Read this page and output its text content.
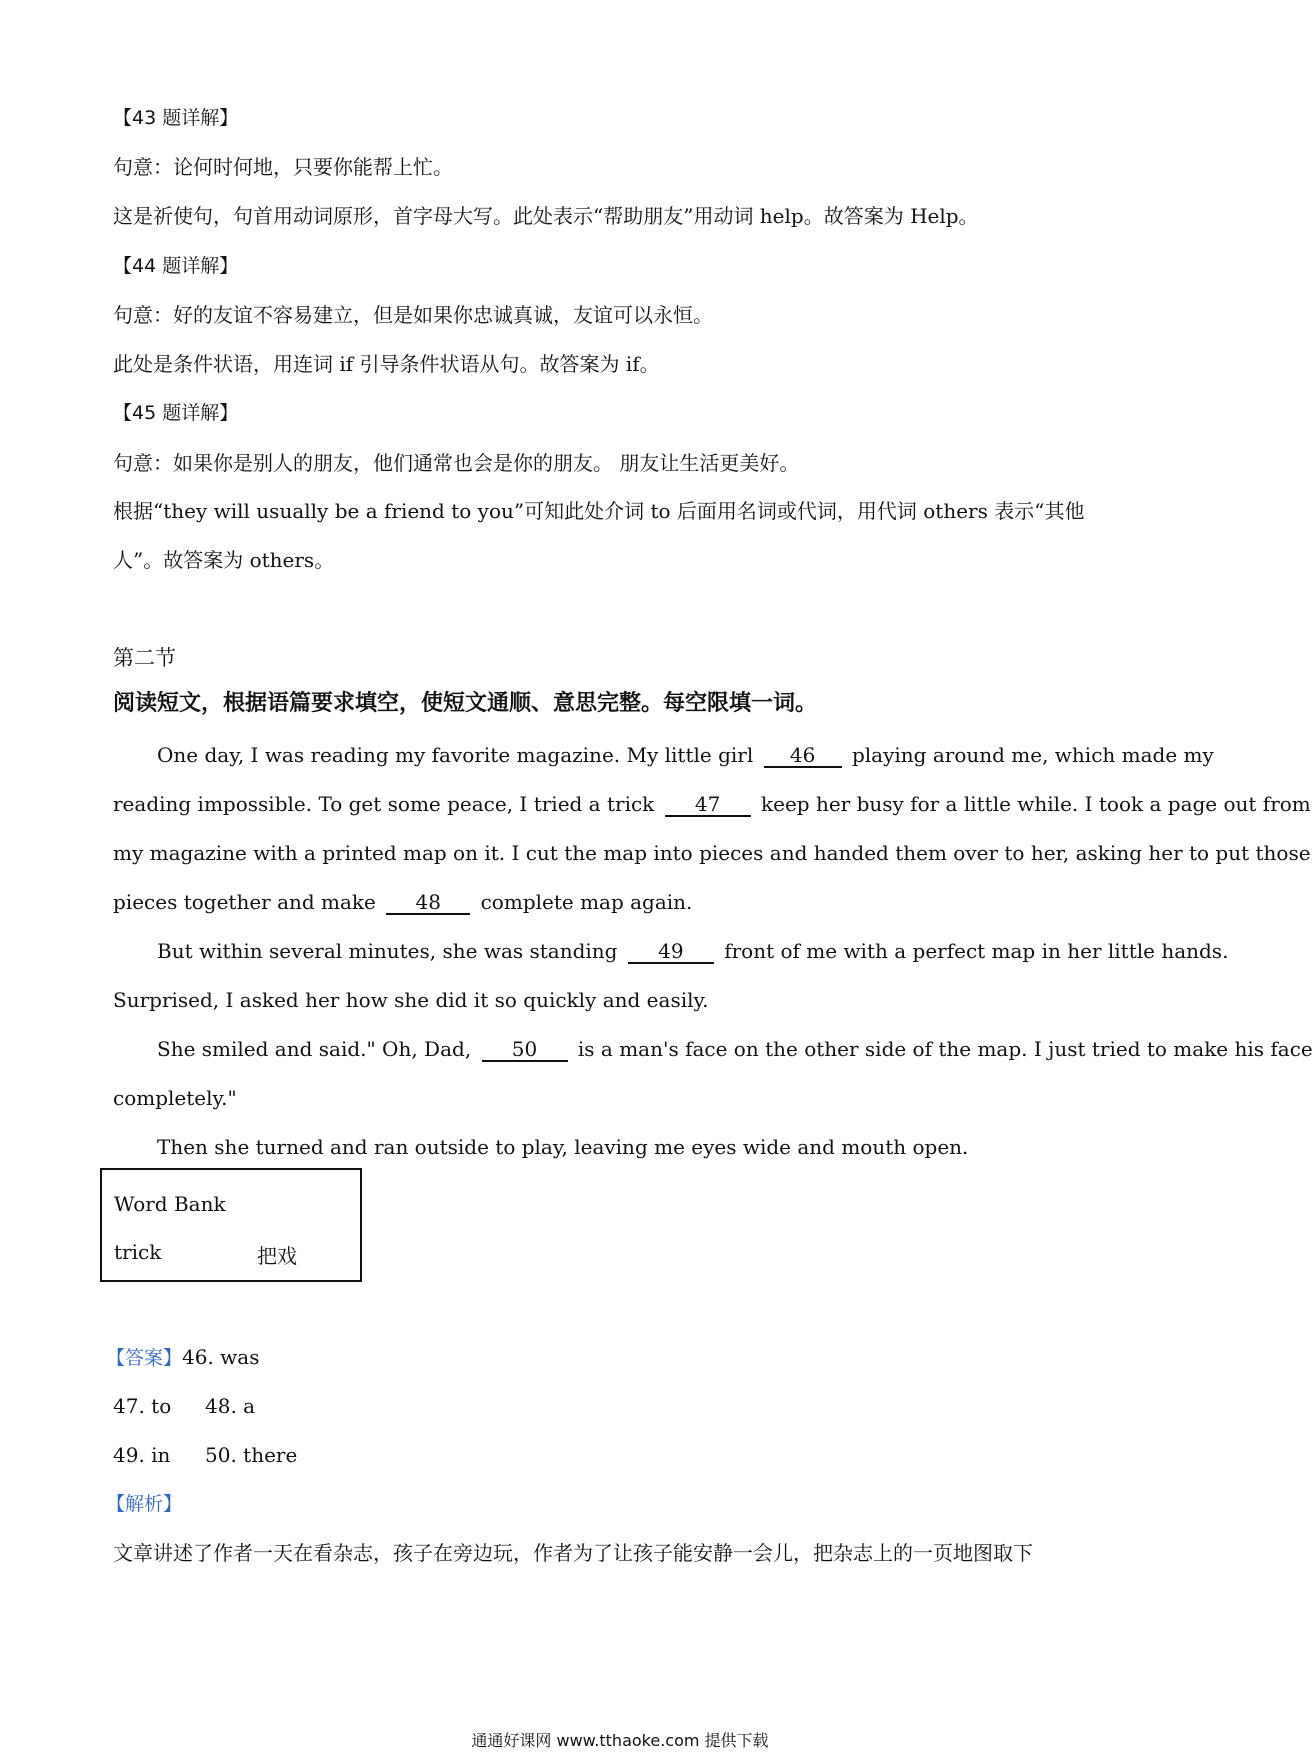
【43 题详解】
句意：论何时何地，只要你能帮上忙。
这是祈使句，句首用动词原形，首字母大写。此处表示“帮助朋友”用动词 help。故答案为 Help。
【44 题详解】
句意：好的友谊不容易建立，但是如果你忠诚真诚，友谊可以永恒。
此处是条件状语，用连词 if 引导条件状语从句。故答案为 if。
【45 题详解】
句意：如果你是别人的朋友，他们通常也会是你的朋友。 朋友让生活更美好。
根据“they will usually be a friend to you”可知此处介词 to 后面用名词或代词，用代词 others 表示“其他
人”。故答案为 others。
第二节
阅读短文，根据语篇要求填空，使短文通顺、意思完整。每空限填一词。
One day, I was reading my favorite magazine. My little girl 46 playing around me, which made my
reading impossible. To get some peace, I tried a trick 47 keep her busy for a little while. I took a page out from
my magazine with a printed map on it. I cut the map into pieces and handed them over to her, asking her to put those
pieces together and make 48 complete map again.
But within several minutes, she was standing 49 front of me with a perfect map in her little hands.
Surprised, I asked her how she did it so quickly and easily.
She smiled and said." Oh, Dad, 50 is a man's face on the other side of the map. I just tried to make his face
completely."
Then she turned and ran outside to play, leaving me eyes wide and mouth open.
Word Bank
trick	把戏
【答案】46. was
47. to 48. a
49. in 50. there
【解析】
文章讲述了作者一天在看杂志，孩子在旁边玩，作者为了让孩子能安静一会儿，把杂志上的一页地图取下
通通好课网 www.tthaoke.com 提供下载
